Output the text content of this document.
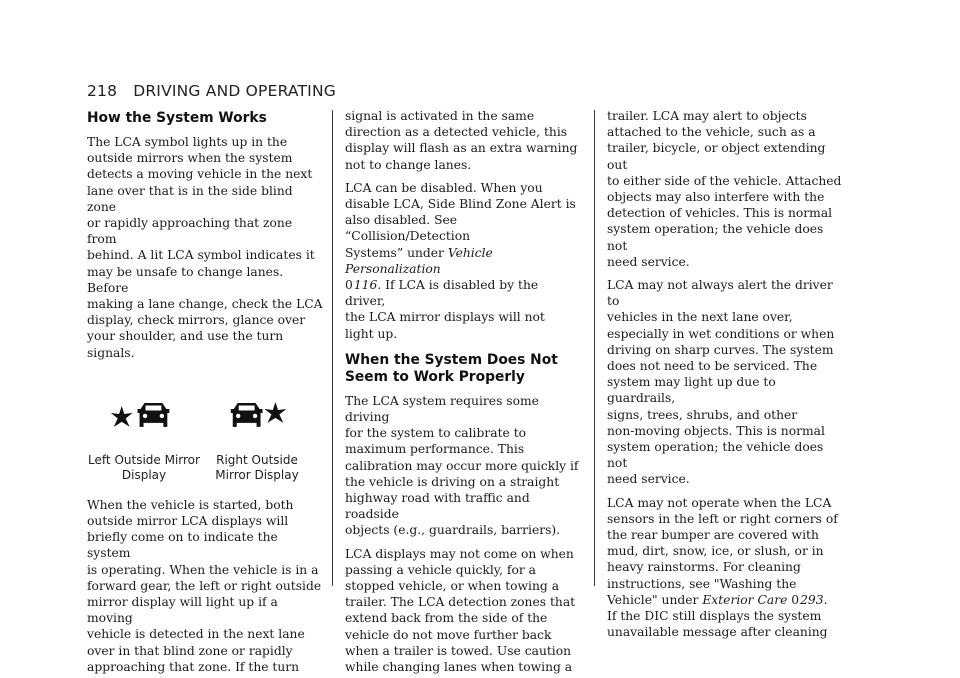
218 DRIVING AND OPERATING
How the System Works
The LCA symbol lights up in the
outside mirrors when the system
detects a moving vehicle in the next
lane over that is in the side blind zone
or rapidly approaching that zone from
behind. A lit LCA symbol indicates it
may be unsafe to change lanes. Before
making a lane change, check the LCA
display, check mirrors, glance over
your shoulder, and use the turn
signals.
Left Outside Mirror
Display
Right Outside
Mirror Display
When the vehicle is started, both
outside mirror LCA displays will
briefly come on to indicate the system
is operating. When the vehicle is in a
forward gear, the left or right outside
mirror display will light up if a moving
vehicle is detected in the next lane
over in that blind zone or rapidly
approaching that zone. If the turn
signal is activated in the same
direction as a detected vehicle, this
display will flash as an extra warning
not to change lanes.
LCA can be disabled. When you
disable LCA, Side Blind Zone Alert is
also disabled. See “Collision/Detection
Systems” under Vehicle Personalization
0116. If LCA is disabled by the driver,
the LCA mirror displays will not
light up.
When the System Does Not
Seem to Work Properly
The LCA system requires some driving
for the system to calibrate to
maximum performance. This
calibration may occur more quickly if
the vehicle is driving on a straight
highway road with traffic and roadside
objects (e.g., guardrails, barriers).
LCA displays may not come on when
passing a vehicle quickly, for a
stopped vehicle, or when towing a
trailer. The LCA detection zones that
extend back from the side of the
vehicle do not move further back
when a trailer is towed. Use caution
while changing lanes when towing a
trailer. LCA may alert to objects
attached to the vehicle, such as a
trailer, bicycle, or object extending out
to either side of the vehicle. Attached
objects may also interfere with the
detection of vehicles. This is normal
system operation; the vehicle does not
need service.
LCA may not always alert the driver to
vehicles in the next lane over,
especially in wet conditions or when
driving on sharp curves. The system
does not need to be serviced. The
system may light up due to guardrails,
signs, trees, shrubs, and other
non-moving objects. This is normal
system operation; the vehicle does not
need service.
LCA may not operate when the LCA
sensors in the left or right corners of
the rear bumper are covered with
mud, dirt, snow, ice, or slush, or in
heavy rainstorms. For cleaning
instructions, see "Washing the
Vehicle" under Exterior Care 0293.
If the DIC still displays the system
unavailable message after cleaning
